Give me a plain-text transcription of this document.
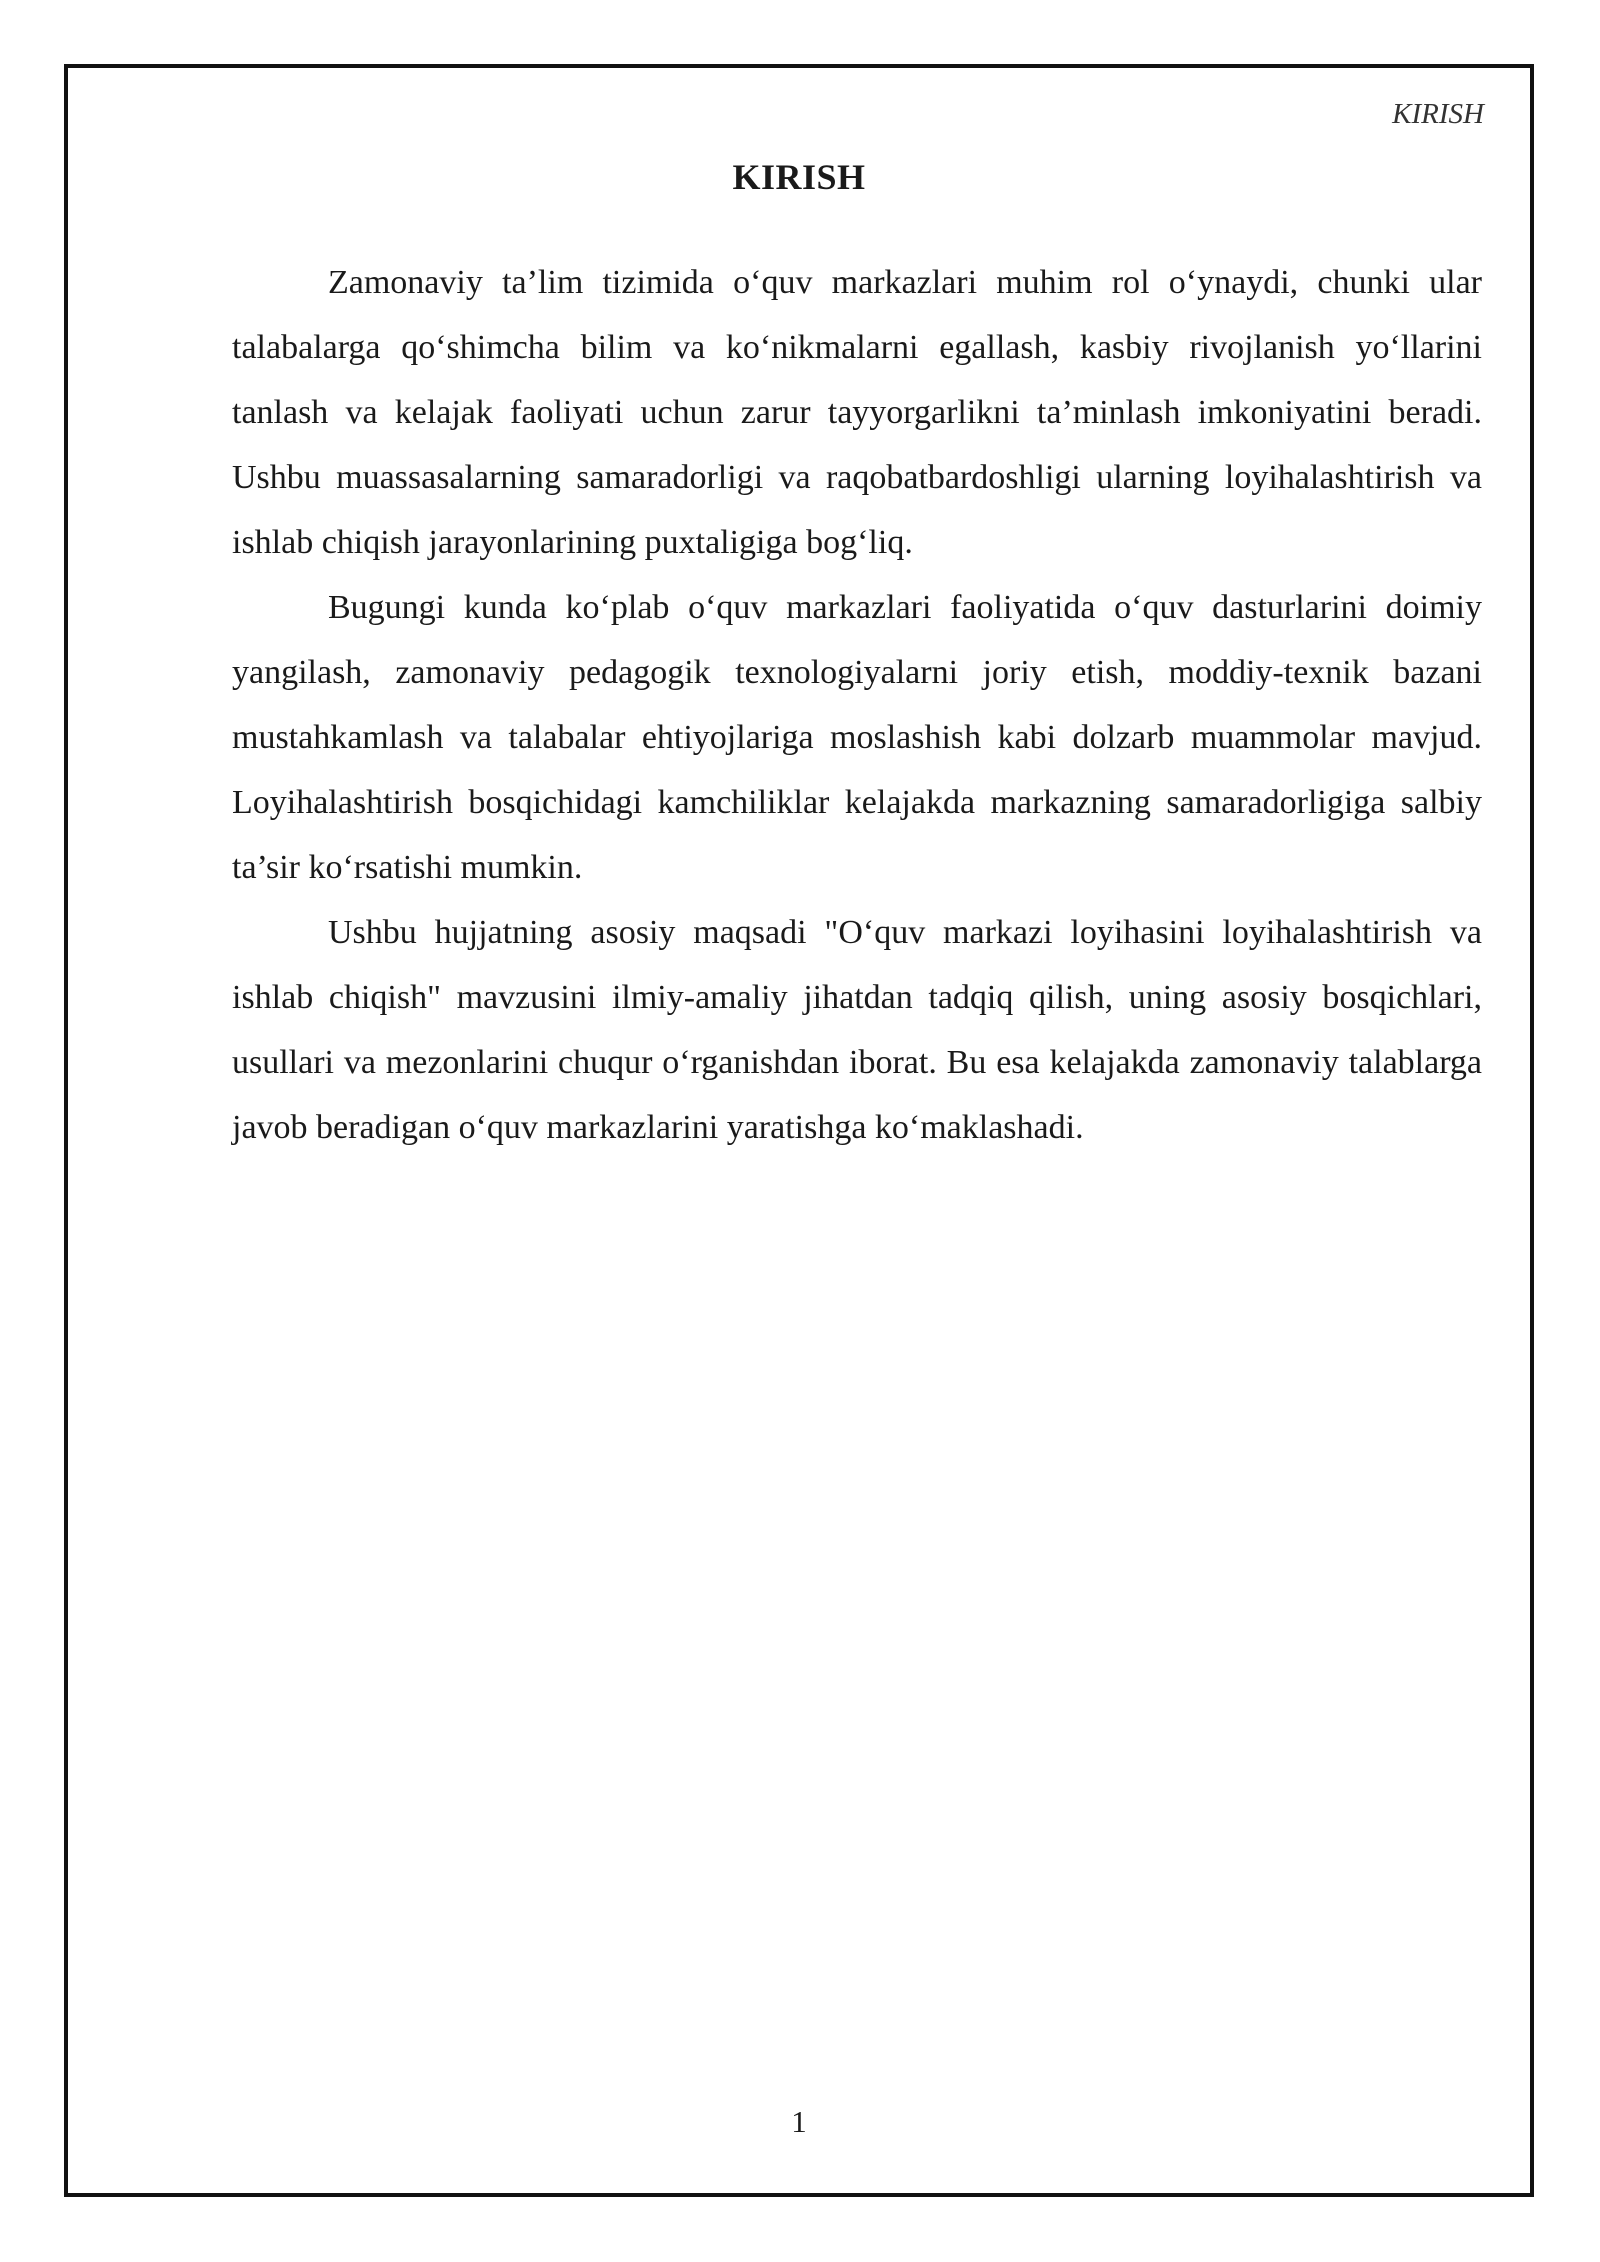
KIRISH
KIRISH

Zamonaviy ta’lim tizimida o‘quv markazlari muhim rol o‘ynaydi, chunki ular talabalarga qo‘shimcha bilim va ko‘nikmalarni egallash, kasbiy rivojlanish yo‘llarini tanlash va kelajak faoliyati uchun zarur tayyorgarlikni ta’minlash imkoniyatini beradi. Ushbu muassasalarning samaradorligi va raqobatbardoshligi ularning loyihalashtirish va ishlab chiqish jarayonlarining puxtaligiga bog‘liq.

Bugungi kunda ko‘plab o‘quv markazlari faoliyatida o‘quv dasturlarini doimiy yangilash, zamonaviy pedagogik texnologiyalarni joriy etish, moddiy-texnik bazani mustahkamlash va talabalar ehtiyojlariga moslashish kabi dolzarb muammolar mavjud. Loyihalashtirish bosqichidagi kamchiliklar kelajakda markazning samaradorligiga salbiy ta’sir ko‘rsatishi mumkin.

Ushbu hujjatning asosiy maqsadi "O‘quv markazi loyihasini loyihalashtirish va ishlab chiqish" mavzusini ilmiy-amaliy jihatdan tadqiq qilish, uning asosiy bosqichlari, usullari va mezonlarini chuqur o‘rganishdan iborat. Bu esa kelajakda zamonaviy talablarga javob beradigan o‘quv markazlarini yaratishga ko‘maklashadi.

1
